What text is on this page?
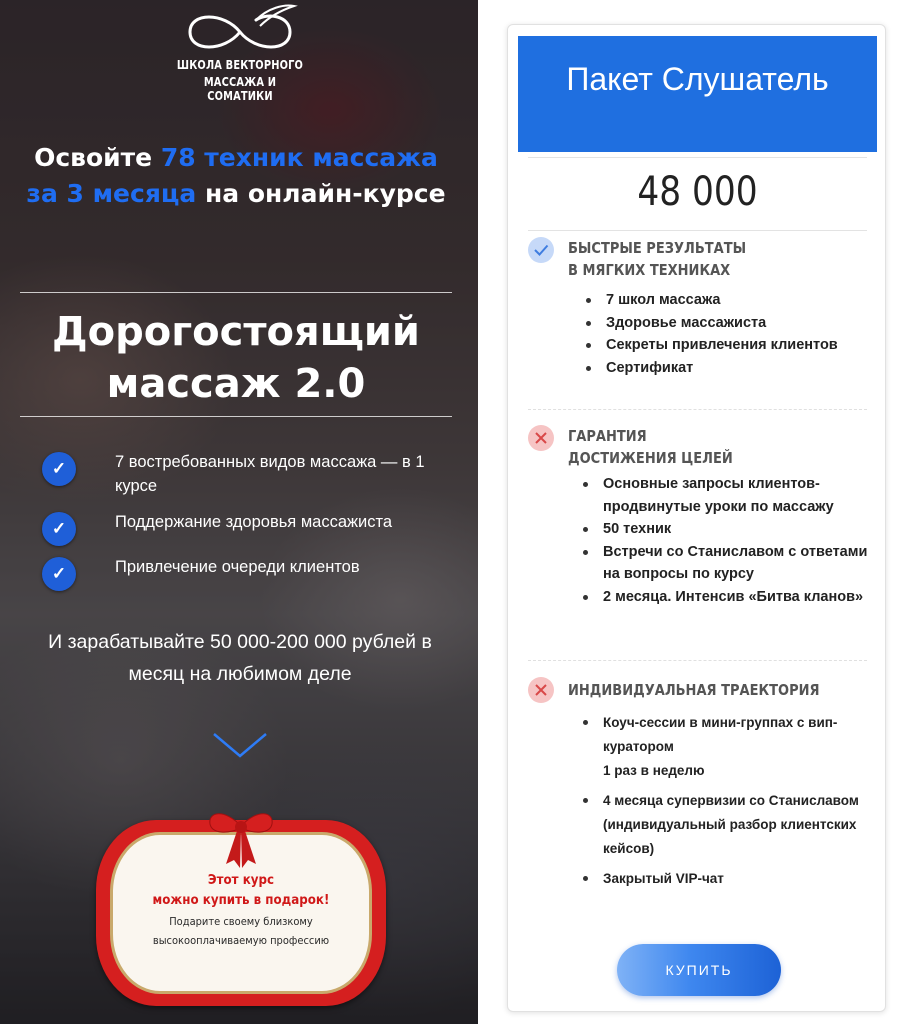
ШКОЛА ВЕКТОРНОГО
МАССАЖА И СОМАТИКИ
Освойте 78 техник массажа
за 3 месяца на онлайн-курсе
Дорогостоящий
массаж 2.0
✓	7 востребованных видов массажа — в 1 курсе
✓	Поддержание здоровья массажиста
✓	Привлечение очереди клиентов
И зарабатывайте 50 000-200 000 рублей в месяц на любимом деле
Этот курс
можно купить в подарок!
Подарите своему близкому
высокооплачиваемую профессию
Пакет Слушатель
48 000
БЫСТРЫЕ РЕЗУЛЬТАТЫ
В МЯГКИХ ТЕХНИКАХ
7 школ массажа
Здоровье массажиста
Секреты привлечения клиентов
Сертификат
ГАРАНТИЯ
ДОСТИЖЕНИЯ ЦЕЛЕЙ
Основные запросы клиентов-продвинутые уроки по массажу
50 техник
Встречи со Станиславом с ответами на вопросы по курсу
2 месяца. Интенсив «Битва кланов»
ИНДИВИДУАЛЬНАЯ ТРАЕКТОРИЯ
Коуч-сессии в мини-группах с вип-куратором
1 раз в неделю
4 месяца супервизии со Станиславом (индивидуальный разбор клиентских кейсов)
Закрытый VIP-чат
КУПИТЬ
